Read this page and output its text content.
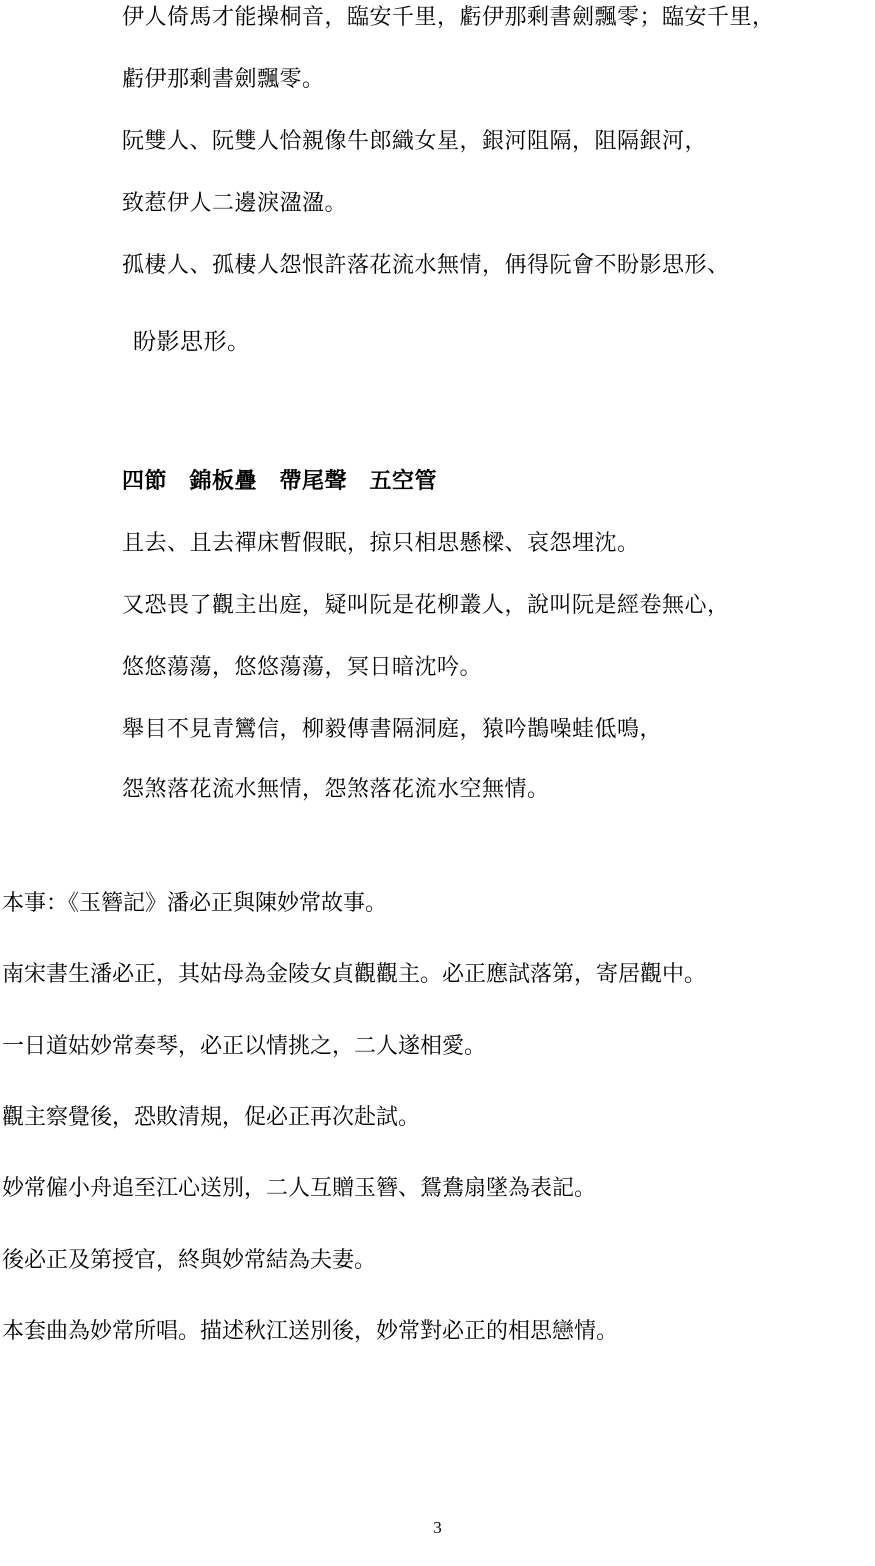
伊人倚馬才能操桐音，臨安千里，虧伊那剩書劍飄零；臨安千里，
虧伊那剩書劍飄零。
阮雙人、阮雙人恰親像牛郎織女星，銀河阻隔，阻隔銀河，
致惹伊人二邊淚溋溋。
孤棲人、孤棲人怨恨許落花流水無情，侢得阮會不盼影思形、
盼影思形。
四節　錦板疊　帶尾聲　五空管
且去、且去禪床暫假眠，掠只相思懸樑、哀怨埋沈。
又恐畏了觀主出庭，疑叫阮是花柳叢人，說叫阮是經卷無心，
悠悠蕩蕩，悠悠蕩蕩，冥日暗沈吟。
舉目不見青鸞信，柳毅傳書隔洞庭，猿吟鵲噪蛙低鳴，
怨煞落花流水無情，怨煞落花流水空無情。
本事：《玉簪記》潘必正與陳妙常故事。
南宋書生潘必正，其姑母為金陵女貞觀觀主。必正應試落第，寄居觀中。
一日道姑妙常奏琴，必正以情挑之，二人遂相愛。
觀主察覺後，恐敗清規，促必正再次赴試。
妙常僱小舟追至江心送別，二人互贈玉簪、鴛鴦扇墜為表記。
後必正及第授官，終與妙常結為夫妻。
本套曲為妙常所唱。描述秋江送別後，妙常對必正的相思戀情。
3
